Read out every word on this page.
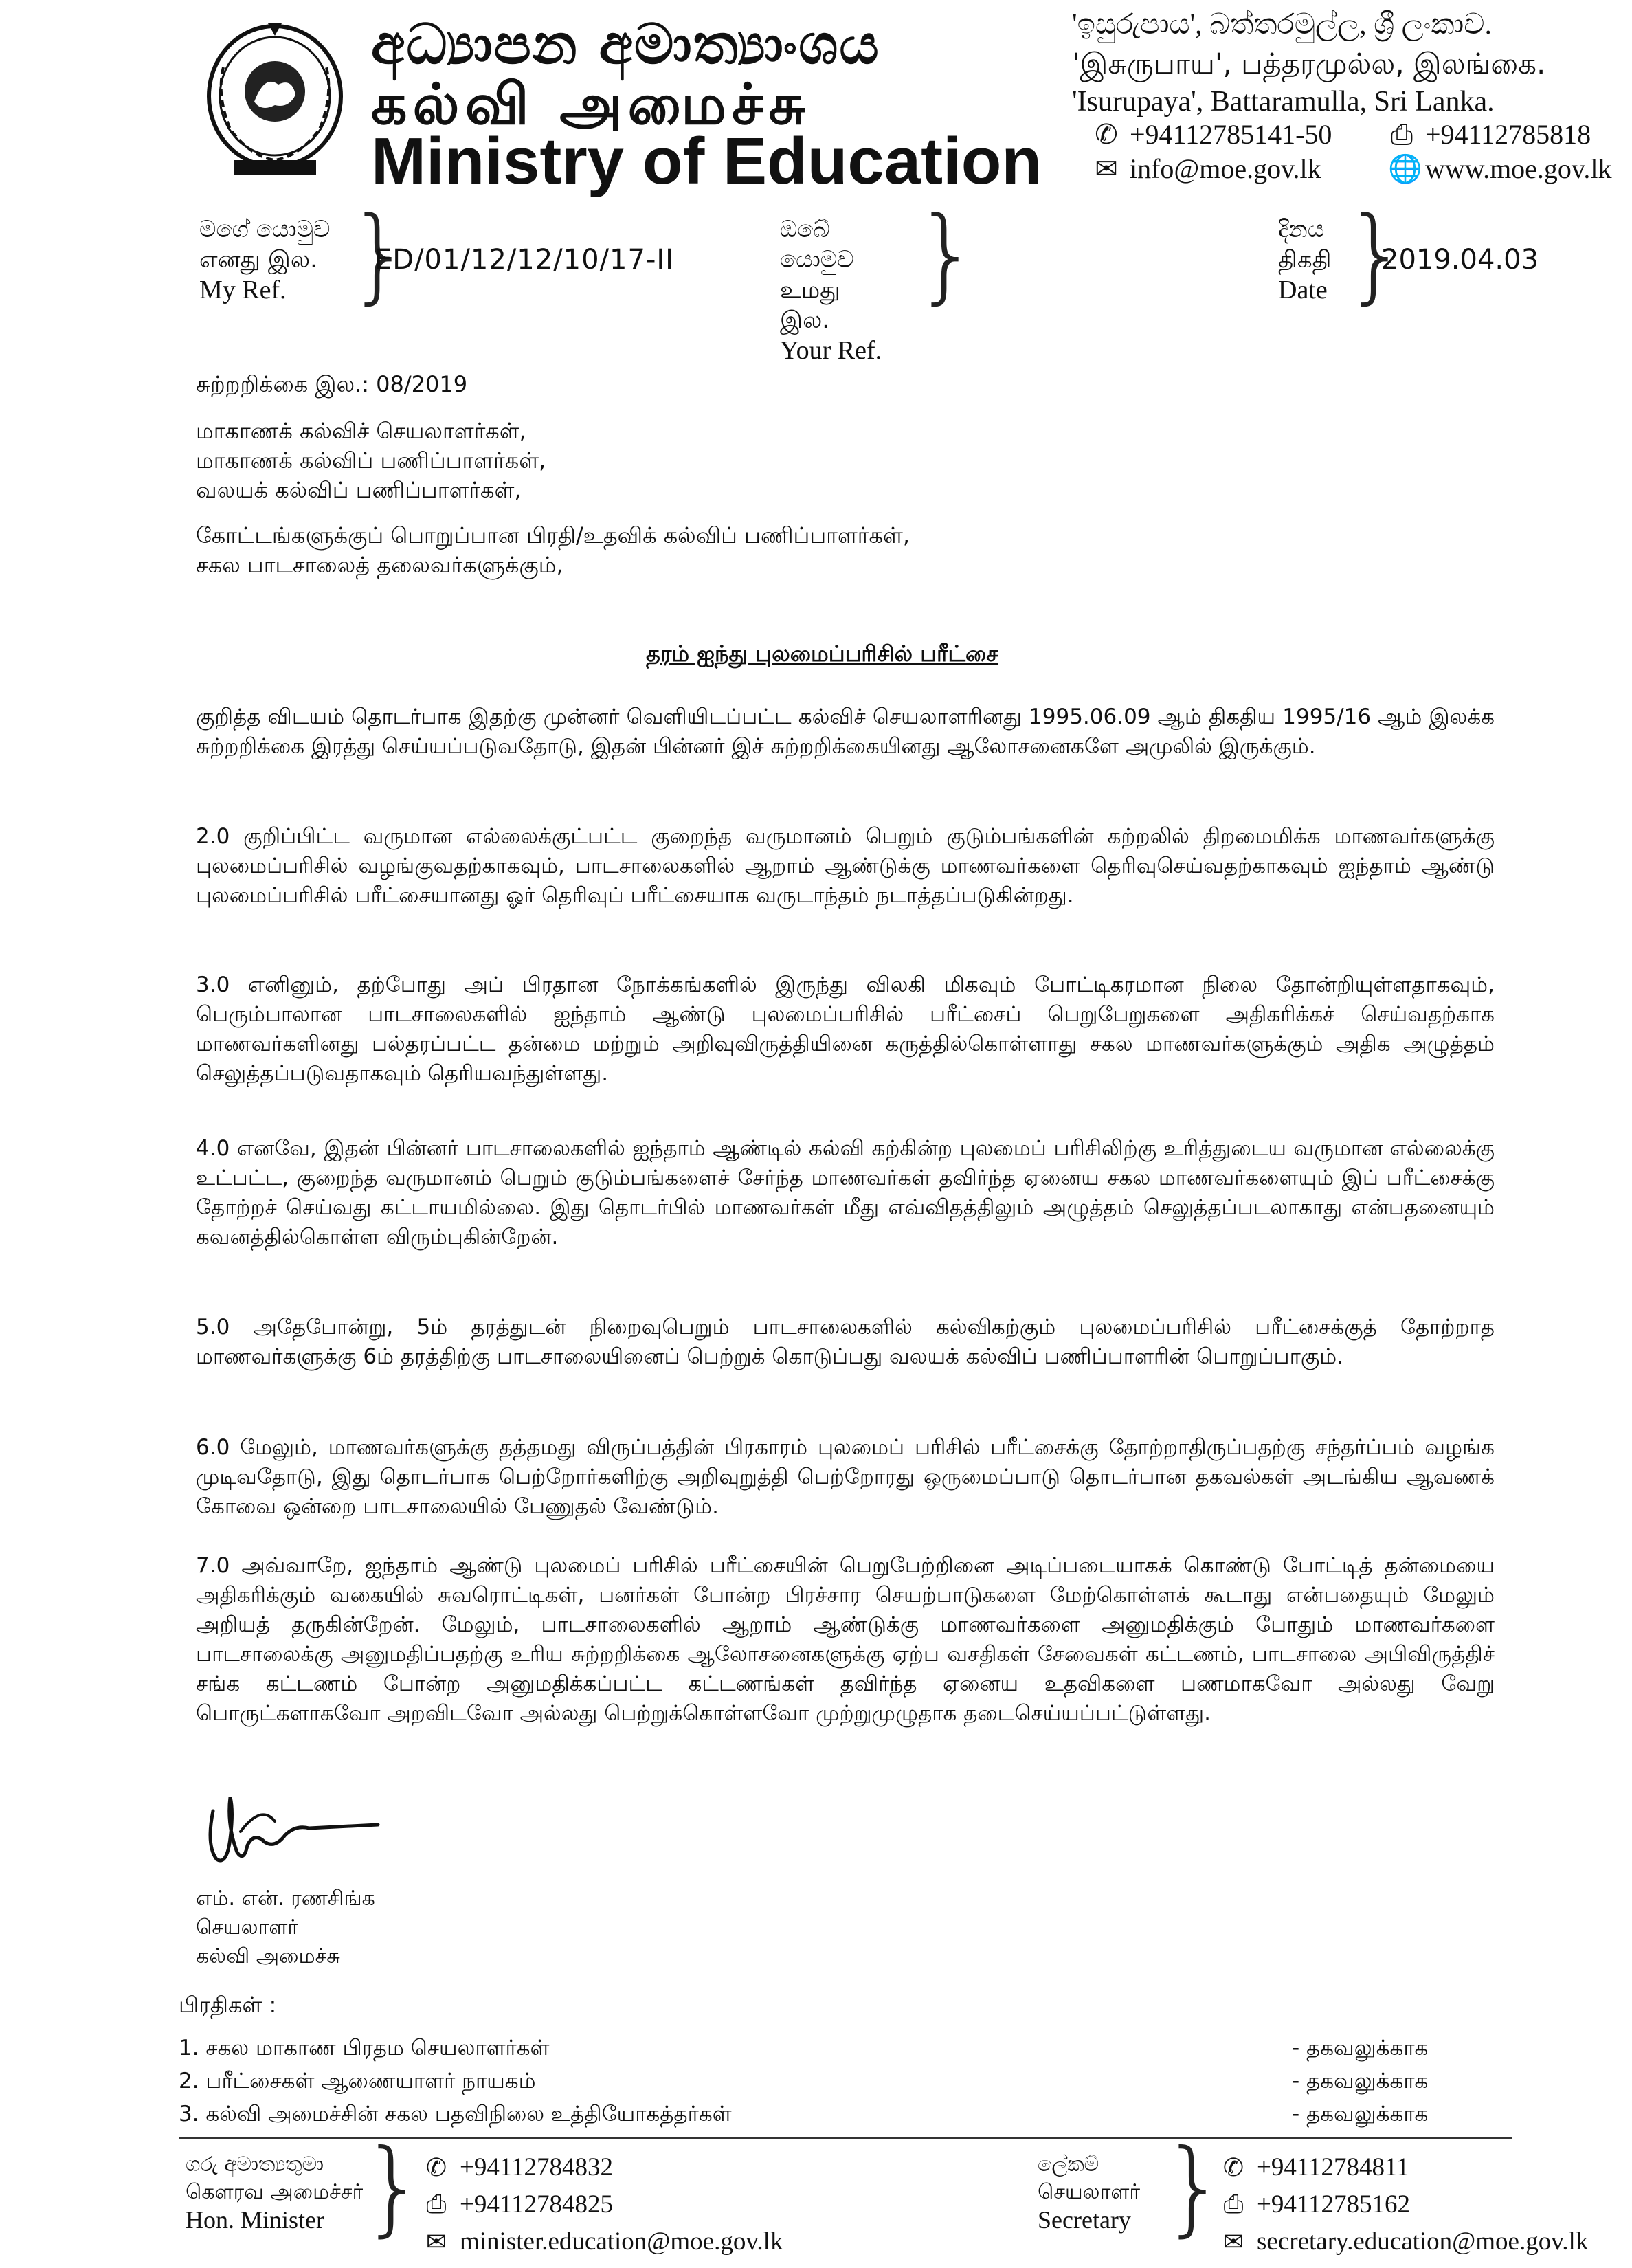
අධ්‍යාපන අමාත්‍යාංශය
கல்வி அமைச்சு
Ministry of Education
'ඉසුරුපාය', බත්තරමුල්ල, ශ්‍රී ලංකාව.
'இசுருபாய', பத்தரமுல்ல, இலங்கை.
'Isurupaya', Battaramulla, Sri Lanka.
✆ +94112785141-50 ⎙ +94112785818
✉ info@moe.gov.lk 🌐 www.moe.gov.lk
මගේ යොමුව
எனது இல.
My Ref. }
ED/01/12/12/10/17-II
ඔබේ යොමුව
உமது இல.
Your Ref.
}	දිනය
திகதி
Date }
2019.04.03
சுற்றறிக்கை இல.: 08/2019
மாகாணக் கல்விச் செயலாளர்கள்,
மாகாணக் கல்விப் பணிப்பாளர்கள்,
வலயக் கல்விப் பணிப்பாளர்கள்,
கோட்டங்களுக்குப் பொறுப்பான பிரதி/உதவிக் கல்விப் பணிப்பாளர்கள்,
சகல பாடசாலைத் தலைவர்களுக்கும்,
தரம் ஐந்து புலமைப்பரிசில் பரீட்சை
குறித்த விடயம் தொடர்பாக இதற்கு முன்னர் வெளியிடப்பட்ட கல்விச் செயலாளரினது 1995.06.09 ஆம் திகதிய 1995/16 ஆம் இலக்க சுற்றறிக்கை இரத்து செய்யப்படுவதோடு, இதன் பின்னர் இச் சுற்றறிக்கையினது ஆலோசனைகளே அமுலில் இருக்கும்.
2.0 குறிப்பிட்ட வருமான எல்லைக்குட்பட்ட குறைந்த வருமானம் பெறும் குடும்பங்களின் கற்றலில் திறமைமிக்க மாணவர்களுக்கு புலமைப்பரிசில் வழங்குவதற்காகவும், பாடசாலைகளில் ஆறாம் ஆண்டுக்கு மாணவர்களை தெரிவுசெய்வதற்காகவும் ஐந்தாம் ஆண்டு புலமைப்பரிசில் பரீட்சையானது ஓர் தெரிவுப் பரீட்சையாக வருடாந்தம் நடாத்தப்படுகின்றது.
3.0 எனினும், தற்போது அப் பிரதான நோக்கங்களில் இருந்து விலகி மிகவும் போட்டிகரமான நிலை தோன்றியுள்ளதாகவும், பெரும்பாலான பாடசாலைகளில் ஐந்தாம் ஆண்டு புலமைப்பரிசில் பரீட்சைப் பெறுபேறுகளை அதிகரிக்கச் செய்வதற்காக மாணவர்களினது பல்தரப்பட்ட தன்மை மற்றும் அறிவுவிருத்தியினை கருத்தில்கொள்ளாது சகல மாணவர்களுக்கும் அதிக அழுத்தம் செலுத்தப்படுவதாகவும் தெரியவந்துள்ளது.
4.0 எனவே, இதன் பின்னர் பாடசாலைகளில் ஐந்தாம் ஆண்டில் கல்வி கற்கின்ற புலமைப் பரிசிலிற்கு உரித்துடைய வருமான எல்லைக்கு உட்பட்ட, குறைந்த வருமானம் பெறும் குடும்பங்களைச் சேர்ந்த மாணவர்கள் தவிர்ந்த ஏனைய சகல மாணவர்களையும் இப் பரீட்சைக்கு தோற்றச் செய்வது கட்டாயமில்லை. இது தொடர்பில் மாணவர்கள் மீது எவ்விதத்திலும் அழுத்தம் செலுத்தப்படலாகாது என்பதனையும் கவனத்தில்கொள்ள விரும்புகின்றேன்.
5.0 அதேபோன்று, 5ம் தரத்துடன் நிறைவுபெறும் பாடசாலைகளில் கல்விகற்கும் புலமைப்பரிசில் பரீட்சைக்குத் தோற்றாத மாணவர்களுக்கு 6ம் தரத்திற்கு பாடசாலையினைப் பெற்றுக் கொடுப்பது வலயக் கல்விப் பணிப்பாளரின் பொறுப்பாகும்.
6.0 மேலும், மாணவர்களுக்கு தத்தமது விருப்பத்தின் பிரகாரம் புலமைப் பரிசில் பரீட்சைக்கு தோற்றாதிருப்பதற்கு சந்தர்ப்பம் வழங்க முடிவதோடு, இது தொடர்பாக பெற்றோர்களிற்கு அறிவுறுத்தி பெற்றோரது ஒருமைப்பாடு தொடர்பான தகவல்கள் அடங்கிய ஆவணக் கோவை ஒன்றை பாடசாலையில் பேணுதல் வேண்டும்.
7.0 அவ்வாறே, ஐந்தாம் ஆண்டு புலமைப் பரிசில் பரீட்சையின் பெறுபேற்றினை அடிப்படையாகக் கொண்டு போட்டித் தன்மையை அதிகரிக்கும் வகையில் சுவரொட்டிகள், பனர்கள் போன்ற பிரச்சார செயற்பாடுகளை மேற்கொள்ளக் கூடாது என்பதையும் மேலும் அறியத் தருகின்றேன். மேலும், பாடசாலைகளில் ஆறாம் ஆண்டுக்கு மாணவர்களை அனுமதிக்கும் போதும் மாணவர்களை பாடசாலைக்கு அனுமதிப்பதற்கு உரிய சுற்றறிக்கை ஆலோசனைகளுக்கு ஏற்ப வசதிகள் சேவைகள் கட்டணம், பாடசாலை அபிவிருத்திச் சங்க கட்டணம் போன்ற அனுமதிக்கப்பட்ட கட்டணங்கள் தவிர்ந்த ஏனைய உதவிகளை பணமாகவோ அல்லது வேறு பொருட்களாகவோ அறவிடவோ அல்லது பெற்றுக்கொள்ளவோ முற்றுமுழுதாக தடைசெய்யப்பட்டுள்ளது.
எம். என். ரணசிங்க
செயலாளர்
கல்வி அமைச்சு
பிரதிகள் :
1. சகல மாகாண பிரதம செயலாளர்கள்	- தகவலுக்காக
2. பரீட்சைகள் ஆணையாளர் நாயகம்	- தகவலுக்காக
3. கல்வி அமைச்சின் சகல பதவிநிலை உத்தியோகத்தர்கள்	- தகவலுக்காக
ගරු අමාත්‍යතුමා
கௌரவ அமைச்சர்
Hon. Minister } ✆ +94112784832
⎙ +94112784825
✉ minister.education@moe.gov.lk
ලේකම්
செயலாளர்
Secretary }
✆ +94112784811
⎙ +94112785162
✉ secretary.education@moe.gov.lk
